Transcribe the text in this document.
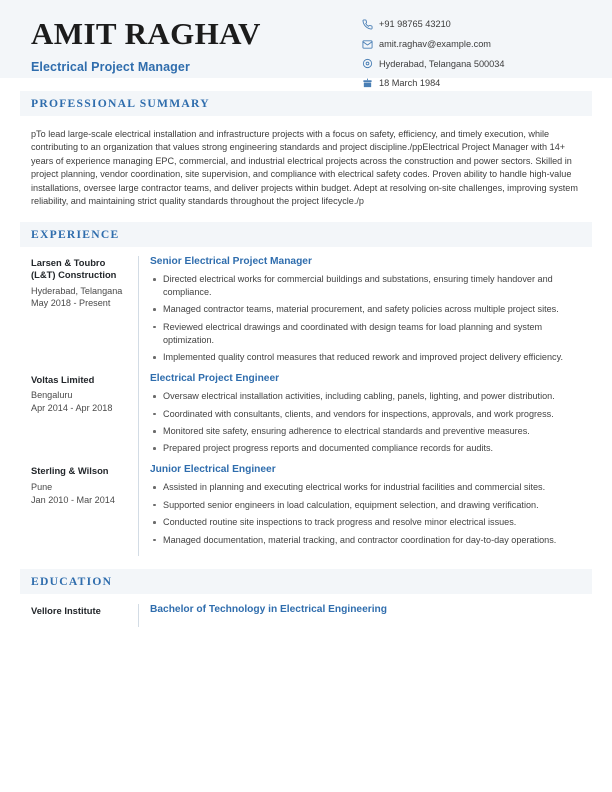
AMIT RAGHAV
Electrical Project Manager
+91 98765 43210
amit.raghav@example.com
Hyderabad, Telangana 500034
18 March 1984
PROFESSIONAL SUMMARY

pTo lead large-scale electrical installation and infrastructure projects with a focus on safety, efficiency, and timely execution, while contributing to an organization that values strong engineering standards and project discipline./ppElectrical Project Manager with 14+ years of experience managing EPC, commercial, and industrial electrical projects across the construction and power sectors. Skilled in project planning, vendor coordination, site supervision, and compliance with electrical safety codes. Proven ability to handle high-value installations, oversee large contractor teams, and deliver projects within budget. Adept at resolving on-site challenges, improving system reliability, and maintaining strict quality standards throughout the project lifecycle./p

EXPERIENCE
Larsen & Toubro (L&T) Construction
Hyderabad, Telangana
May 2018 - Present
Senior Electrical Project Manager
Directed electrical works for commercial buildings and substations, ensuring timely handover and compliance.
Managed contractor teams, material procurement, and safety policies across multiple project sites.
Reviewed electrical drawings and coordinated with design teams for load planning and system optimization.
Implemented quality control measures that reduced rework and improved project delivery efficiency.
Voltas Limited
Bengaluru
Apr 2014 - Apr 2018
Electrical Project Engineer
Oversaw electrical installation activities, including cabling, panels, lighting, and power distribution.
Coordinated with consultants, clients, and vendors for inspections, approvals, and work progress.
Monitored site safety, ensuring adherence to electrical standards and preventive measures.
Prepared project progress reports and documented compliance records for audits.
Sterling & Wilson
Pune
Jan 2010 - Mar 2014
Junior Electrical Engineer
Assisted in planning and executing electrical works for industrial facilities and commercial sites.
Supported senior engineers in load calculation, equipment selection, and drawing verification.
Conducted routine site inspections to track progress and resolve minor electrical issues.
Managed documentation, material tracking, and contractor coordination for day-to-day operations.
EDUCATION
Vellore Institute	Bachelor of Technology in Electrical Engineering
